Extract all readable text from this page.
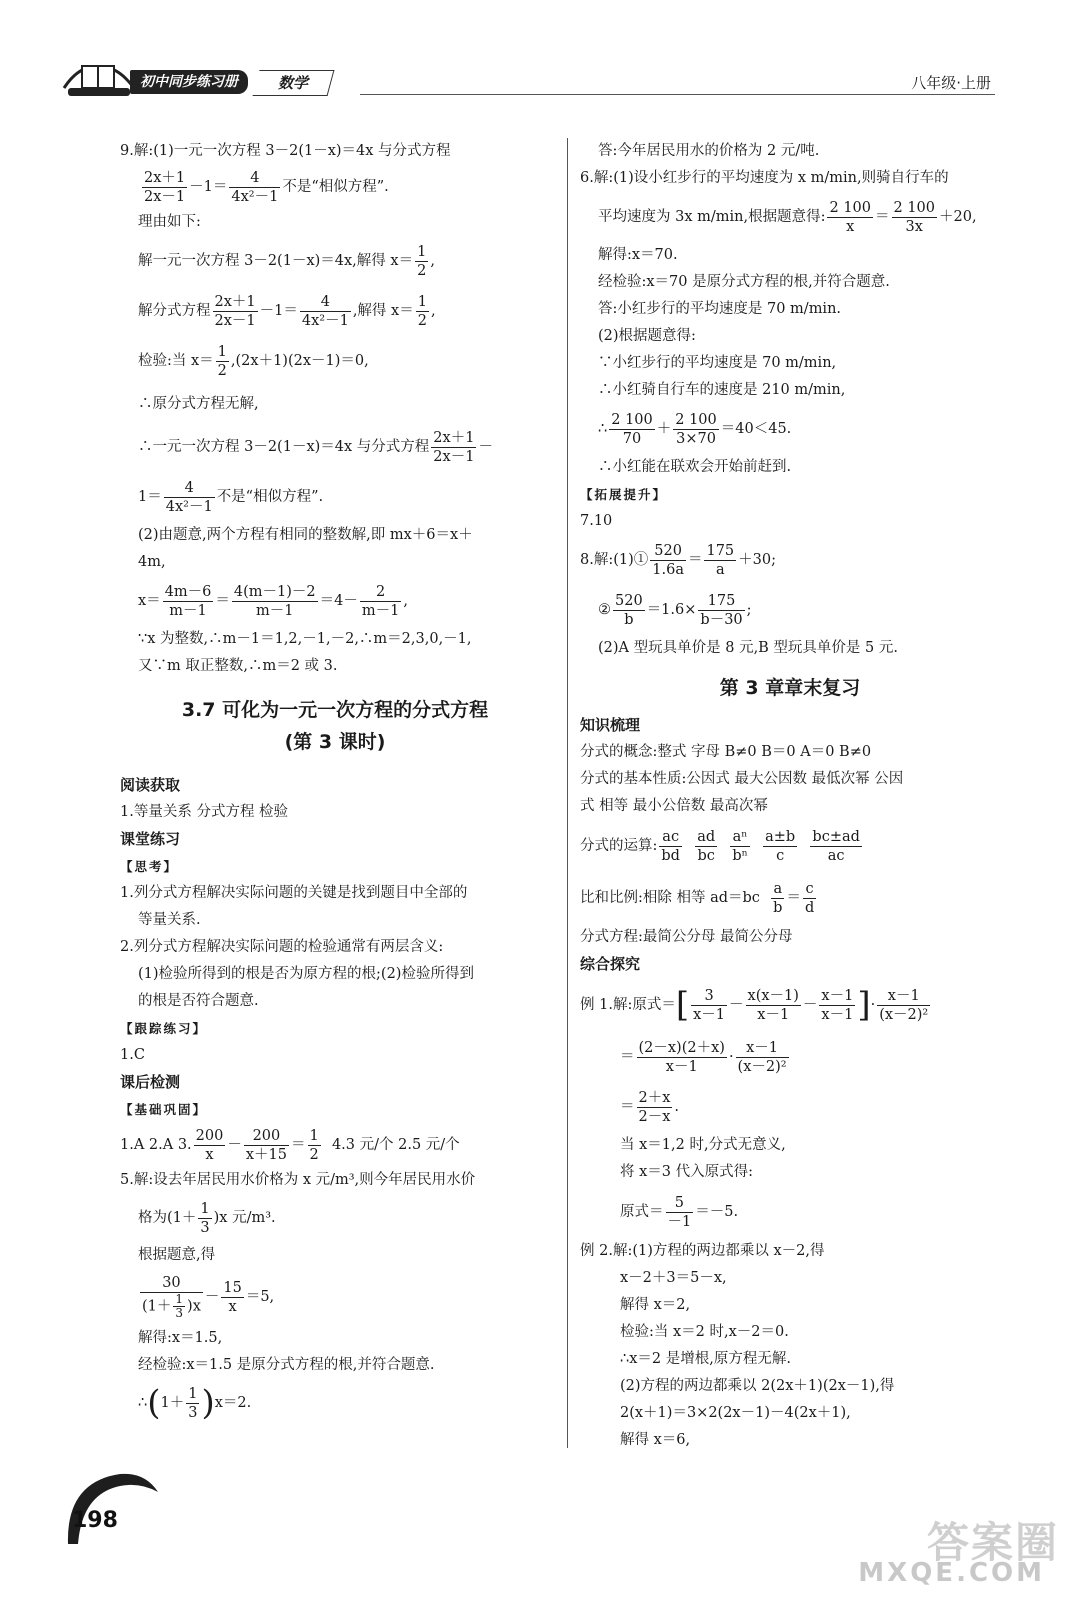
初中同步练习册	数学	八年级·上册

9.解:(1)一元一次方程 3－2(1－x)＝4x 与分式方程

$\frac{2x+1}{2x-1} -1= \frac{4}{\text{4x²－1}}$ 不是“相似方程”.

理由如下:

解一元一次方程 3－2(1－x)＝4x,解得 $x= \frac{1}{2}$ ,

解分式方程 $\frac{2x+1}{2x-1} -1= \frac{4}{\text{4x²－1}}$ ,解得 $x= \frac{1}{2}$ ,

检验:当 $x= \frac{1}{2} ,(2x+1)(2x-1)=0$,

∴原分式方程无解,

∴一元一次方程 3－2(1－x)＝4x 与分式方程 $\frac{2x+1}{2x-1}$ －

$1= \frac{4}{\text{4x²－1}}$ 不是“相似方程”.

(2)由题意,两个方程有相同的整数解,即 mx＋6＝x＋

4m,

$x= \frac{4m-6}{m-1} = \frac{4(m-1)-2}{m-1} =4- \frac{2}{m-1}$ ,

∵x 为整数,∴m－1＝1,2,－1,－2,∴m＝2,3,0,－1,

又∵m 取正整数,∴m＝2 或 3.

3.7 可化为一元一次方程的分式方程
(第 3 课时)

阅读获取

1.等量关系 分式方程 检验

课堂练习

【思考】

1.列分式方程解决实际问题的关键是找到题目中全部的

等量关系.

2.列分式方程解决实际问题的检验通常有两层含义:

(1)检验所得到的根是否为原方程的根;(2)检验所得到

的根是否符合题意.

【跟踪练习】

1.C

课后检测

【基础巩固】

1.A 2.A 3. $\frac{200}{x} - \frac{200}{x+15} = \frac{1}{2} 4.3$ 元/个 2.5 元/个

5.解:设去年居民用水价格为 x 元/m³,则今年居民用水价

格为$(1+ \frac{1}{3} )x$ 元/m³.

根据题意,得

$\frac{30}{(1+ \frac{1}{3} )x} - \frac{15}{x} =5$,

解得:x＝1.5,

经检验:x＝1.5 是原分式方程的根,并符合题意.

∴(1＋ $\frac{1}{3} )x=2$.

答:今年居民用水的价格为 2 元/吨.

6.解:(1)设小红步行的平均速度为 x m/min,则骑自行车的

平均速度为 3x m/min,根据题意得: $\frac{2 100}{x} = \frac{2 100}{3x} +20$,

解得:x＝70.

经检验:x＝70 是原分式方程的根,并符合题意.

答:小红步行的平均速度是 70 m/min.

(2)根据题意得:

∵小红步行的平均速度是 70 m/min,

∴小红骑自行车的速度是 210 m/min,

∴ $\frac{2 100}{70} + \frac{2 100}{3\times 70} =40<45$.

∴小红能在联欢会开始前赶到.

【拓展提升】

7.10

8.解:(1)① $\frac{520}{1.6a} = \frac{175}{a} +30$;

② $\frac{520}{b} =1.6\times \frac{175}{b-30}$ ;

(2)A 型玩具单价是 8 元,B 型玩具单价是 5 元.

第 3 章章末复习

知识梳理

分式的概念:整式 字母 B≠0 B＝0 A＝0 B≠0

分式的基本性质:公因式 最大公因数 最低次幂 公因

式 相等 最小公倍数 最高次幂

分式的运算: $\frac{ac}{bd}$
$\frac{ad}{bc}$
$\frac{\text{aⁿ}}{\text{bⁿ}}$
$\frac{a\pm b}{c}$
$\frac{bc\pm ad}{ac}$

比和比例:相除 相等 $ad=bc \frac{a}{b} = \frac{c}{d}$

分式方程:最简公分母 最简公分母

综合探究

例 1.解:原式＝[ $\frac{3}{x-1} - \frac{x(x-1)}{x-1} - \frac{x-1}{x-1}$ ]· $\frac{x-1}{\text{(x－2)²}}$

＝ $\frac{(2-x)(2+x)}{x-1} \cdot \frac{x-1}{\text{(x－2)²}}$

＝ $\frac{2+x}{2-x}$ .

当 x＝1,2 时,分式无意义,

将 x＝3 代入原式得:

原式＝ $\frac{5}{-1} =-5$.

例 2.解:(1)方程的两边都乘以 x－2,得

x－2＋3＝5－x,

解得 x＝2,

检验:当 x＝2 时,x－2＝0.

∴x＝2 是增根,原方程无解.

(2)方程的两边都乘以 2(2x＋1)(2x－1),得

2(x＋1)＝3×2(2x－1)－4(2x＋1),

解得 x＝6,

198	答案圈
MXQE.COM
